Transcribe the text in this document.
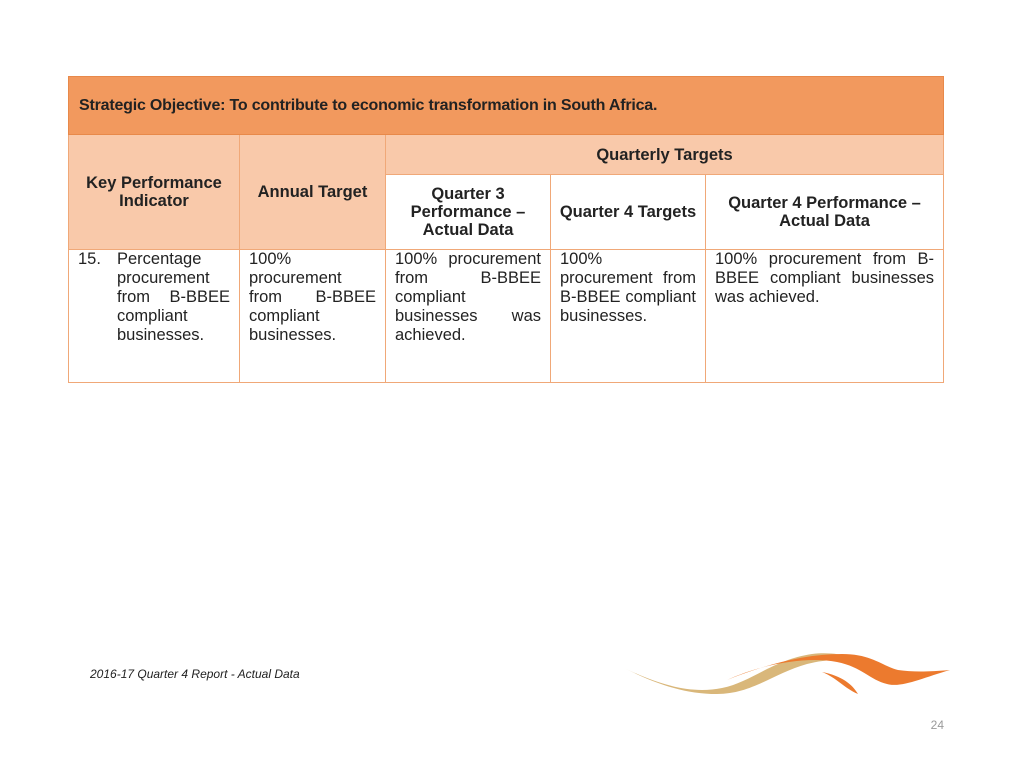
Strategic Objective: To contribute to economic transformation in South Africa.				
Key Performance Indicator	Annual Target	Quarterly Targets		
		Quarter 3 Performance – Actual Data	Quarter 4 Targets	Quarter 4 Performance – Actual Data

15. Percentage procurement from B-BBEE compliant businesses.	100% procurement from B-BBEE compliant businesses.	100% procurement from B-BBEE compliant businesses was achieved.	100% procurement from B-BBEE compliant businesses.	100% procurement from B-BBEE compliant businesses was achieved.
2016-17 Quarter 4 Report - Actual Data
24
